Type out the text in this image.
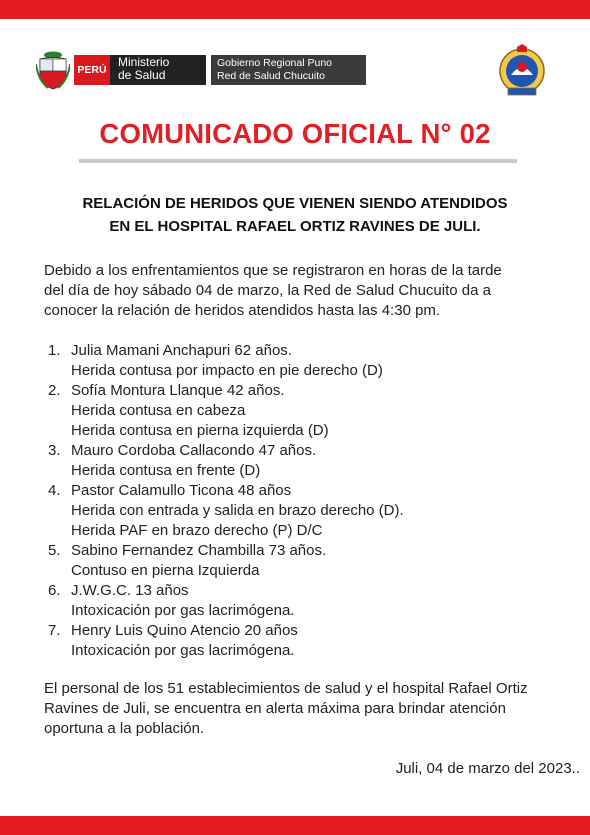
PERÚ
Ministerio
de Salud
Gobierno Regional Puno
Red de Salud Chucuito
COMUNICADO OFICIAL N° 02
RELACIÓN DE HERIDOS QUE VIENEN SIENDO ATENDIDOS
EN EL HOSPITAL RAFAEL ORTIZ RAVINES DE JULI.
Debido a los enfrentamientos que se registraron en horas de la tarde
del día de hoy sábado 04 de marzo, la Red de Salud Chucuito da a
conocer la relación de heridos atendidos hasta las 4:30 pm.
1. Julia Mamani Anchapuri 62 años.
Herida contusa por impacto en pie derecho (D)
2. Sofía Montura Llanque 42 años.
Herida contusa en cabeza
Herida contusa en pierna izquierda (D)
3. Mauro Cordoba Callacondo 47 años.
Herida contusa en frente (D)
4. Pastor Calamullo Ticona 48 años
Herida con entrada y salida en brazo derecho (D).
Herida PAF en brazo derecho (P) D/C
5. Sabino Fernandez Chambilla 73 años.
Contuso en pierna Izquierda
6. J.W.G.C. 13 años
Intoxicación por gas lacrimógena.
7. Henry Luis Quino Atencio 20 años
Intoxicación por gas lacrimógena.
El personal de los 51 establecimientos de salud y el hospital Rafael Ortiz
Ravines de Juli, se encuentra en alerta máxima para brindar atención
oportuna a la población.
Juli, 04 de marzo del 2023..
